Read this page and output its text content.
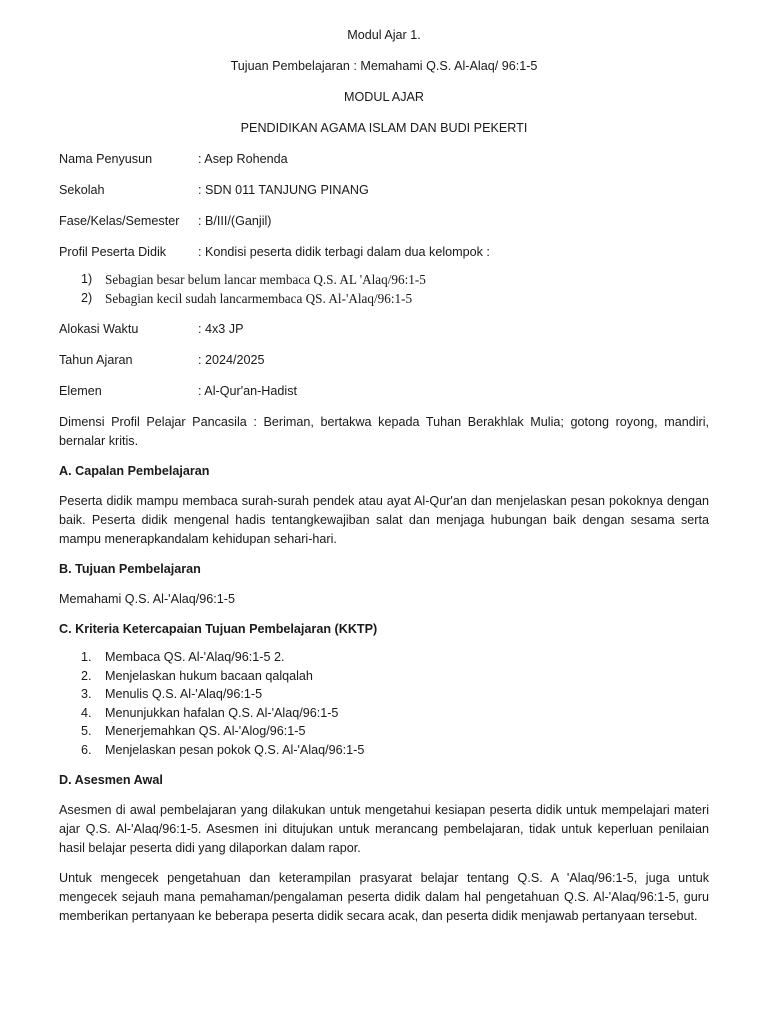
Modul Ajar 1.

Tujuan Pembelajaran : Memahami Q.S. Al-Alaq/ 96:1-5

MODUL AJAR

PENDIDIKAN AGAMA ISLAM DAN BUDI PEKERTI

Nama Penyusun	: Asep Rohenda
Sekolah	: SDN 011 TANJUNG PINANG
Fase/Kelas/Semester	: B/III/(Ganjil)
Profil Peserta Didik	: Kondisi peserta didik terbagi dalam dua kelompok :
1) Sebagian besar belum lancar membaca Q.S. AL 'Alaq/96:1-5
2) Sebagian kecil sudah lancarmembaca QS. Al-'Alaq/96:1-5
Alokasi Waktu	: 4x3 JP
Tahun Ajaran	: 2024/2025
Elemen	: Al-Qur'an-Hadist

Dimensi Profil Pelajar Pancasila : Beriman, bertakwa kepada Tuhan Berakhlak Mulia; gotong royong, mandiri, bernalar kritis.

A. Capalan Pembelajaran

Peserta didik mampu membaca surah-surah pendek atau ayat Al-Qur'an dan menjelaskan pesan pokoknya dengan baik. Peserta didik mengenal hadis tentangkewajiban salat dan menjaga hubungan baik dengan sesama serta mampu menerapkandalam kehidupan sehari-hari.

B. Tujuan Pembelajaran

Memahami Q.S. Al-'Alaq/96:1-5

C. Kriteria Ketercapaian Tujuan Pembelajaran (KKTP)
1.	Membaca QS. Al-'Alaq/96:1-5 2.
2.	Menjelaskan hukum bacaan qalqalah
3.	Menulis Q.S. Al-'Alaq/96:1-5
4.	Menunjukkan hafalan Q.S. Al-'Alaq/96:1-5
5.	Menerjemahkan QS. Al-'Alog/96:1-5
6.	Menjelaskan pesan pokok Q.S. Al-'Alaq/96:1-5
D. Asesmen Awal

Asesmen di awal pembelajaran yang dilakukan untuk mengetahui kesiapan peserta didik untuk mempelajari materi ajar Q.S. Al-'Alaq/96:1-5. Asesmen ini ditujukan untuk merancang pembelajaran, tidak untuk keperluan penilaian hasil belajar peserta didi yang dilaporkan dalam rapor.

Untuk mengecek pengetahuan dan keterampilan prasyarat belajar tentang Q.S. A 'Alaq/96:1-5, juga untuk mengecek sejauh mana pemahaman/pengalaman peserta didik dalam hal pengetahuan Q.S. Al-'Alaq/96:1-5, guru memberikan pertanyaan ke beberapa peserta didik secara acak, dan peserta didik menjawab pertanyaan tersebut.
